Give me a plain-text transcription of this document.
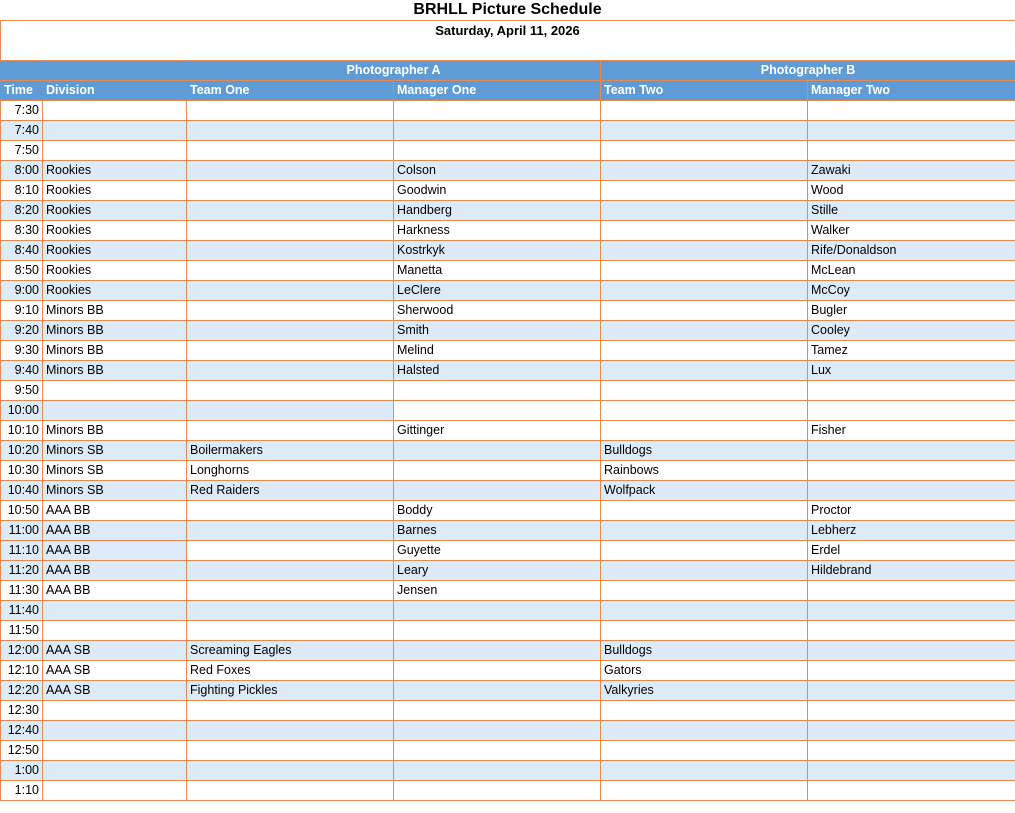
BRHLL Picture Schedule
Saturday, April 11, 2026
		Photographer A		Photographer B	
Time	Division	Team One	Manager One	Team Two	Manager Two
7:30					
7:40					
7:50					
8:00	Rookies		Colson		Zawaki
8:10	Rookies		Goodwin		Wood
8:20	Rookies		Handberg		Stille
8:30	Rookies		Harkness		Walker
8:40	Rookies		Kostrkyk		Rife/Donaldson
8:50	Rookies		Manetta		McLean
9:00	Rookies		LeClere		McCoy
9:10	Minors BB		Sherwood		Bugler
9:20	Minors BB		Smith		Cooley
9:30	Minors BB		Melind		Tamez
9:40	Minors BB		Halsted		Lux
9:50					
10:00					
10:10	Minors BB		Gittinger		Fisher
10:20	Minors SB	Boilermakers		Bulldogs	
10:30	Minors SB	Longhorns		Rainbows	
10:40	Minors SB	Red Raiders		Wolfpack	
10:50	AAA BB		Boddy		Proctor
11:00	AAA BB		Barnes		Lebherz
11:10	AAA BB		Guyette		Erdel
11:20	AAA BB		Leary		Hildebrand
11:30	AAA BB		Jensen		
11:40					
11:50					
12:00	AAA SB	Screaming Eagles		Bulldogs	
12:10	AAA SB	Red Foxes		Gators	
12:20	AAA SB	Fighting Pickles		Valkyries	
12:30					
12:40					
12:50					
1:00					
1:10					
